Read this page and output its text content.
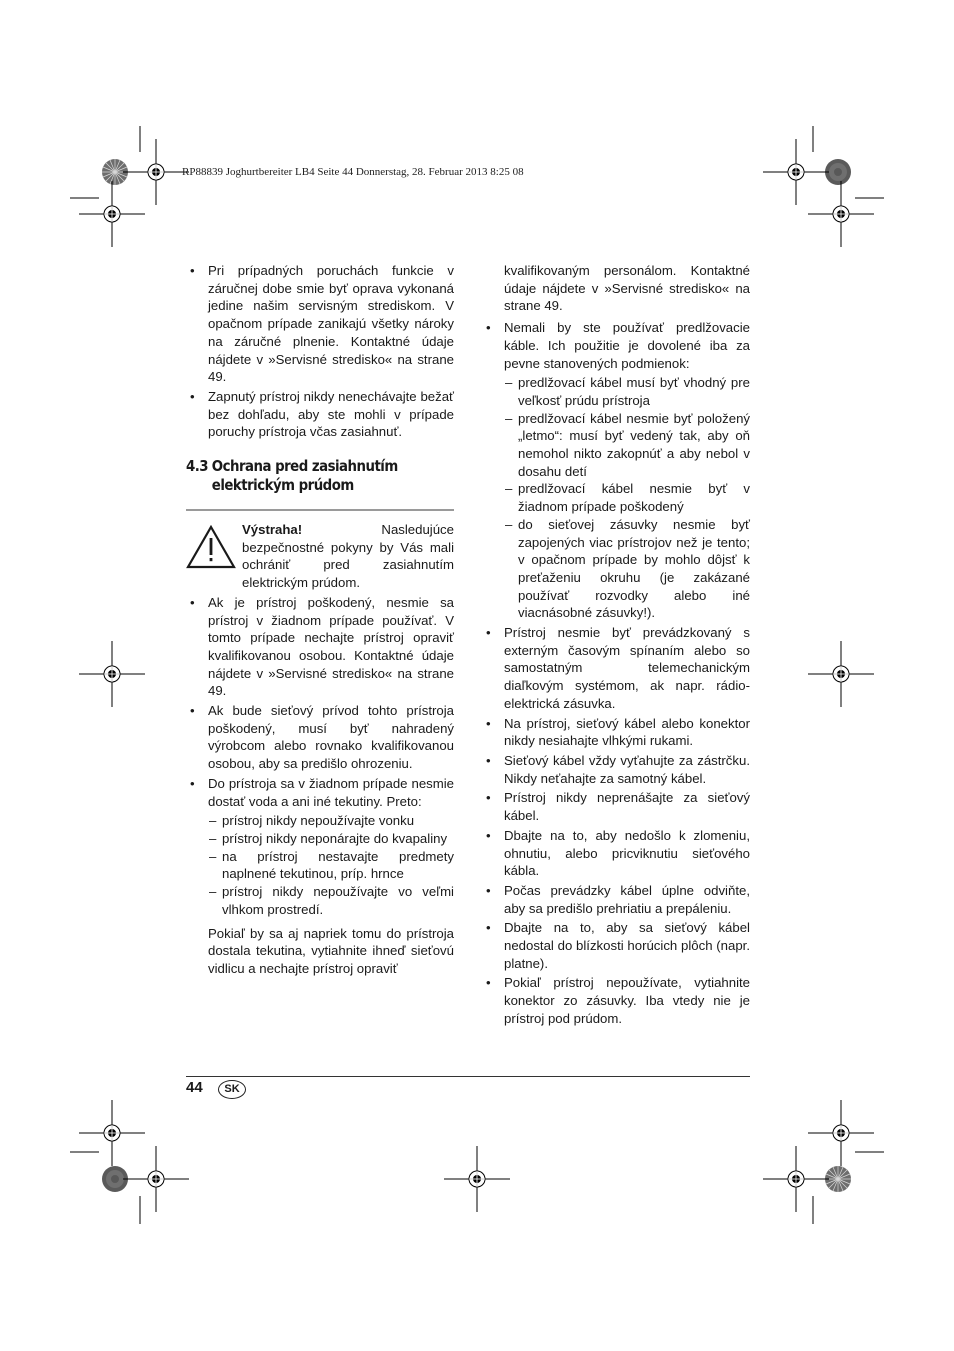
RP88839 Joghurtbereiter LB4 Seite 44 Donnerstag, 28. Februar 2013 8:25 08
• Pri prípadných poruchách funkcie v záručnej dobe smie byť oprava vykonaná jedine našim servisným strediskom. V opačnom prípade zanikajú všetky nároky na záručné plnenie. Kontaktné údaje nájdete v »Servisné stredisko« na strane 49.
• Zapnutý prístroj nikdy nenechávajte bežať bez dohľadu, aby ste mohli v prípade poruchy prístroja včas zasiahnuť.
4.3 Ochrana pred zasiahnutím
elektrickým prúdom
Výstraha! Nasledujúce bezpečnostné pokyny by Vás mali ochrániť pred zasiahnutím elektrickým prúdom.
• Ak je prístroj poškodený, nesmie sa prístroj v žiadnom prípade používať. V tomto prípade nechajte prístroj opraviť kvalifikovanou osobou. Kontaktné údaje nájdete v »Servisné stredisko« na strane 49.
• Ak bude sieťový prívod tohto prístroja poškodený, musí byť nahradený výrobcom alebo rovnako kvalifikovanou osobou, aby sa predišlo ohrozeniu.
• Do prístroja sa v žiadnom prípade nesmie dostať voda a ani iné tekutiny. Preto:
– prístroj nikdy nepoužívajte vonku
– prístroj nikdy neponárajte do kvapaliny
– na prístroj nestavajte predmety naplnené tekutinou, príp. hrnce
– prístroj nikdy nepoužívajte vo veľmi vlhkom prostredí.
Pokiaľ by sa aj napriek tomu do prístroja dostala tekutina, vytiahnite ihneď sieťovú vidlicu a nechajte prístroj opraviť
kvalifikovaným personálom. Kontaktné údaje nájdete v »Servisné stredisko« na strane 49.
• Nemali by ste používať predlžovacie káble. Ich použitie je dovolené iba za pevne stanovených podmienok:
– predlžovací kábel musí byť vhodný pre veľkosť prúdu prístroja
– predlžovací kábel nesmie byť položený „letmo“: musí byť vedený tak, aby oň nemohol nikto zakopnúť a aby nebol v dosahu detí
– predlžovací kábel nesmie byť v žiadnom prípade poškodený
– do sieťovej zásuvky nesmie byť zapojených viac prístrojov než je tento; v opačnom prípade by mohlo dôjsť k preťaženiu okruhu (je zakázané používať rozvodky alebo iné viacnásobné zásuvky!).
• Prístroj nesmie byť prevádzkovaný s externým časovým spínaním alebo so samostatným telemechanickým diaľkovým systémom, ak napr. rádio-elektrická zásuvka.
• Na prístroj, sieťový kábel alebo konektor nikdy nesiahajte vlhkými rukami.
• Sieťový kábel vždy vyťahujte za zástrčku. Nikdy neťahajte za samotný kábel.
• Prístroj nikdy neprenášajte za sieťový kábel.
• Dbajte na to, aby nedošlo k zlomeniu, ohnutiu, alebo pricviknutiu sieťového kábla.
• Počas prevádzky kábel úplne odviňte, aby sa predišlo prehriatiu a prepáleniu.
• Dbajte na to, aby sa sieťový kábel nedostal do blízkosti horúcich plôch (napr. platne).
• Pokiaľ prístroj nepoužívate, vytiahnite konektor zo zásuvky. Iba vtedy nie je prístroj pod prúdom.
44	SK
